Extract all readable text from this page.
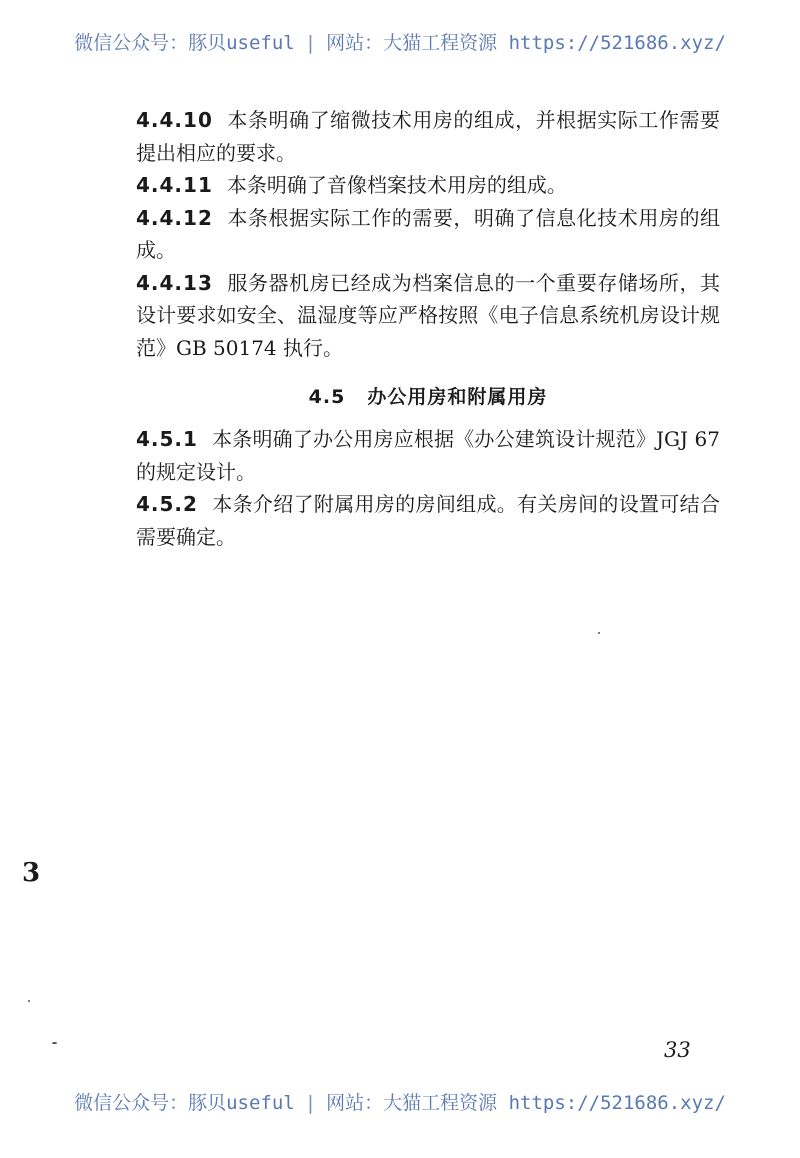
微信公众号：豚贝useful | 网站：大猫工程资源 https://521686.xyz/

4.4.10 本条明确了缩微技术用房的组成，并根据实际工作需要提出相应的要求。

4.4.11 本条明确了音像档案技术用房的组成。

4.4.12 本条根据实际工作的需要，明确了信息化技术用房的组成。

4.4.13 服务器机房已经成为档案信息的一个重要存储场所，其设计要求如安全、温湿度等应严格按照《电子信息系统机房设计规范》GB 50174 执行。

4.5 办公用房和附属用房

4.5.1 本条明确了办公用房应根据《办公建筑设计规范》JGJ 67的规定设计。

4.5.2 本条介绍了附属用房的房间组成。有关房间的设置可结合需要确定。

3
33
微信公众号：豚贝useful | 网站：大猫工程资源 https://521686.xyz/
